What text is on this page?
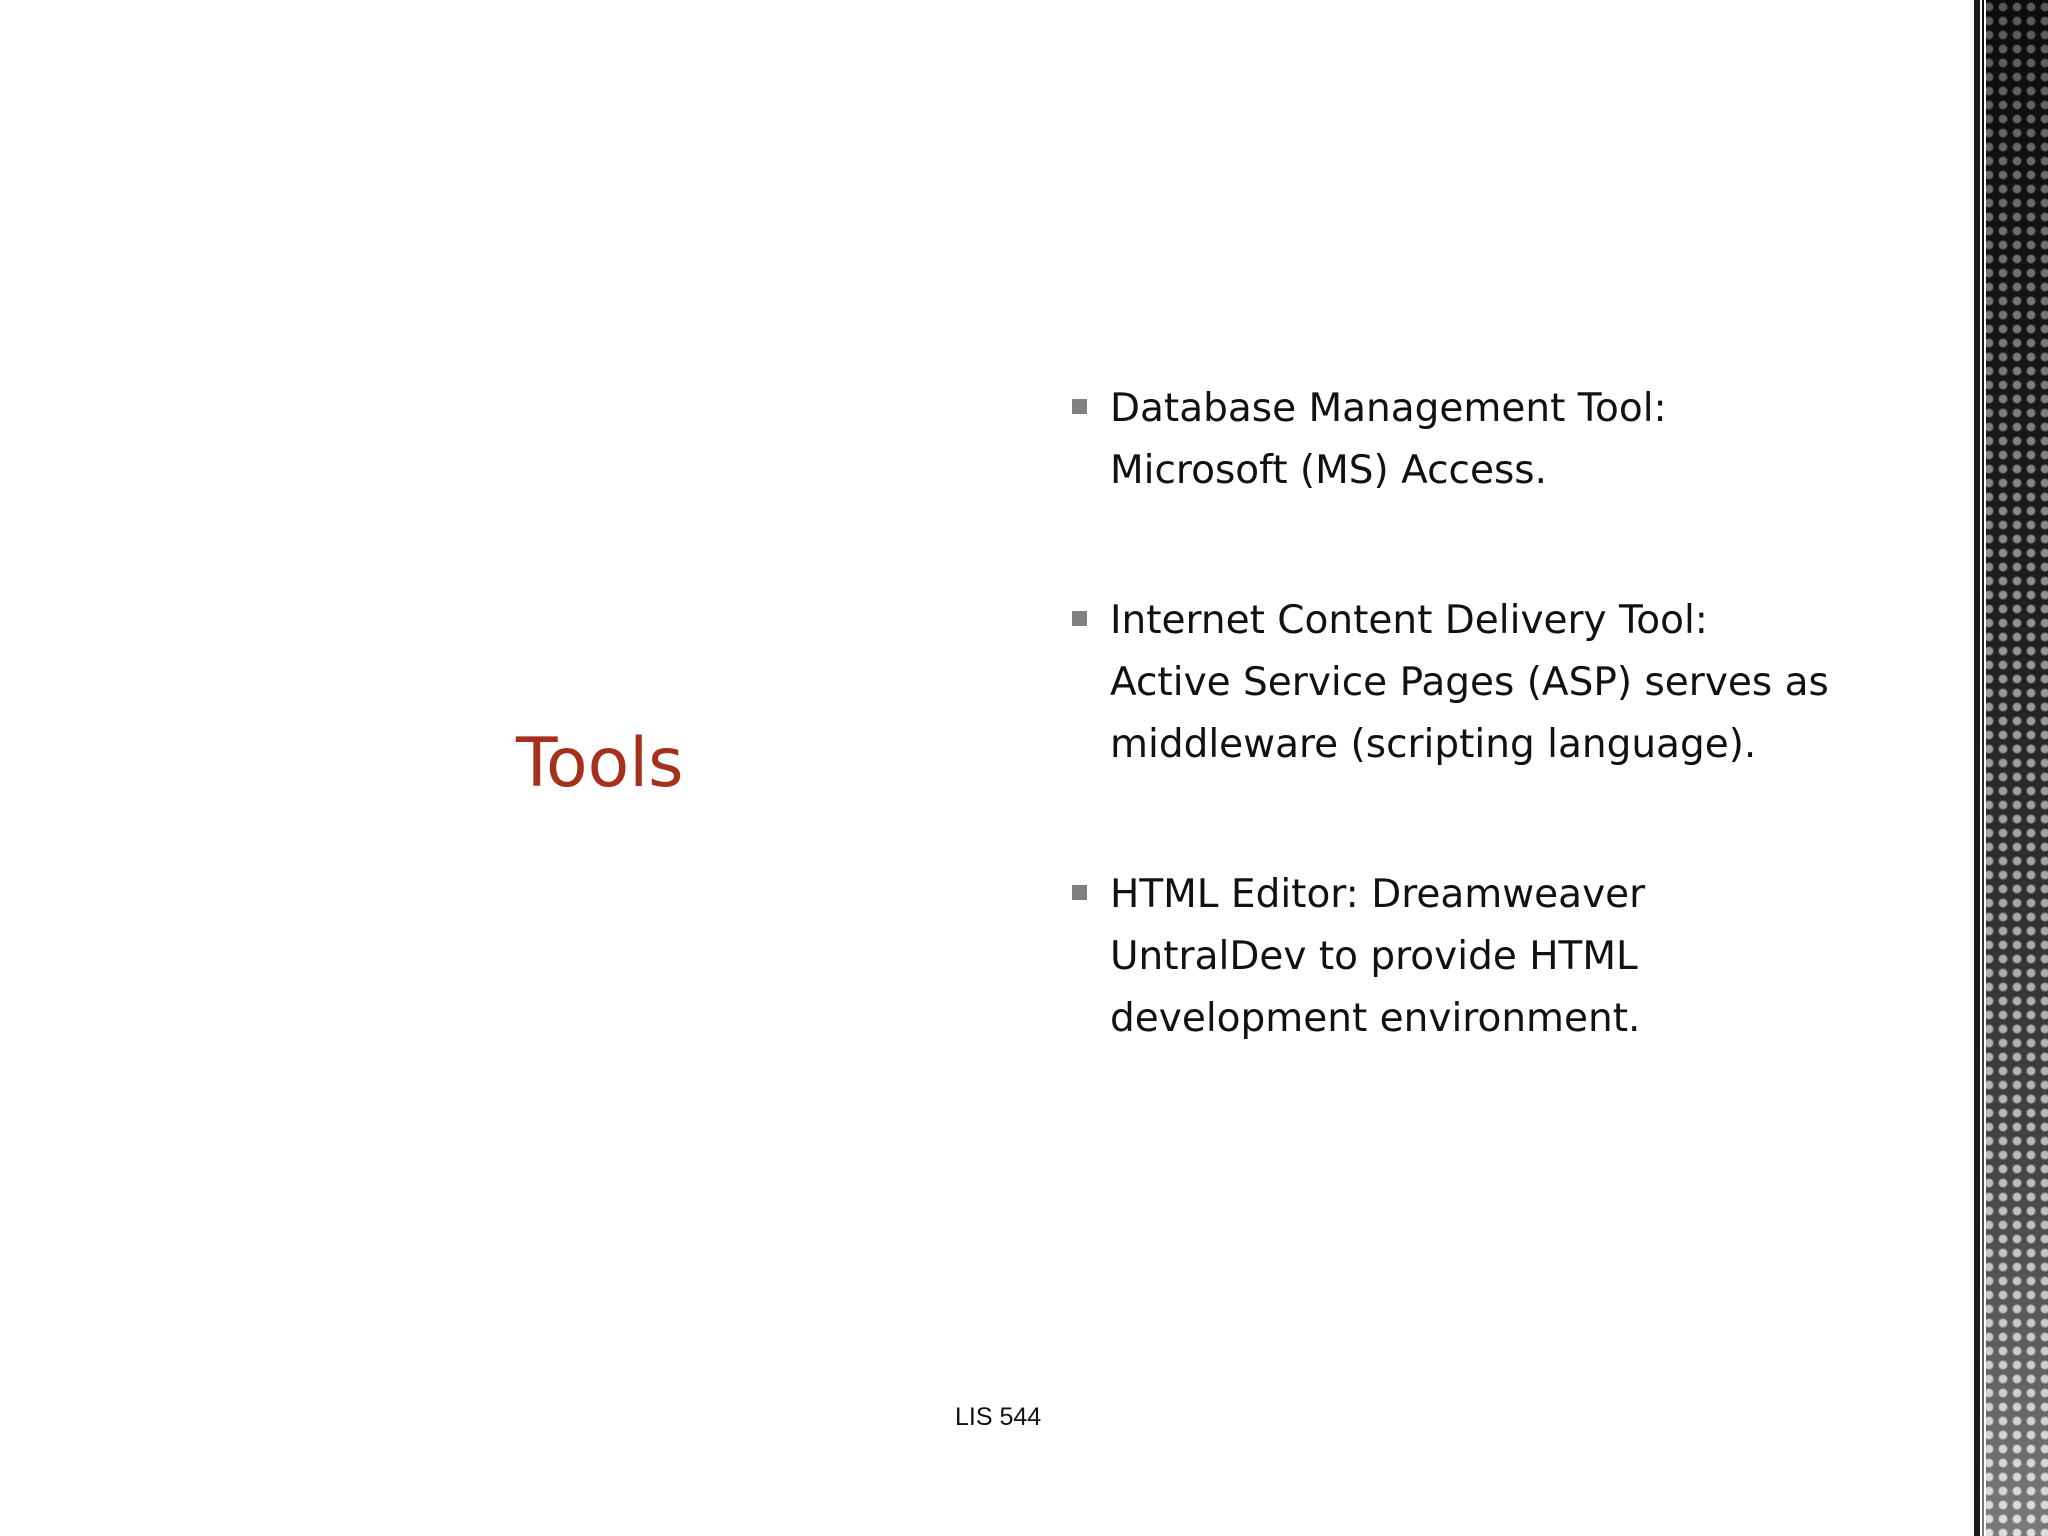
Tools
Database Management Tool: Microsoft (MS) Access.
Internet Content Delivery Tool: Active Service Pages (ASP) serves as middleware (scripting language).
HTML Editor: Dreamweaver UntralDev to provide HTML development environment.
LIS 544
